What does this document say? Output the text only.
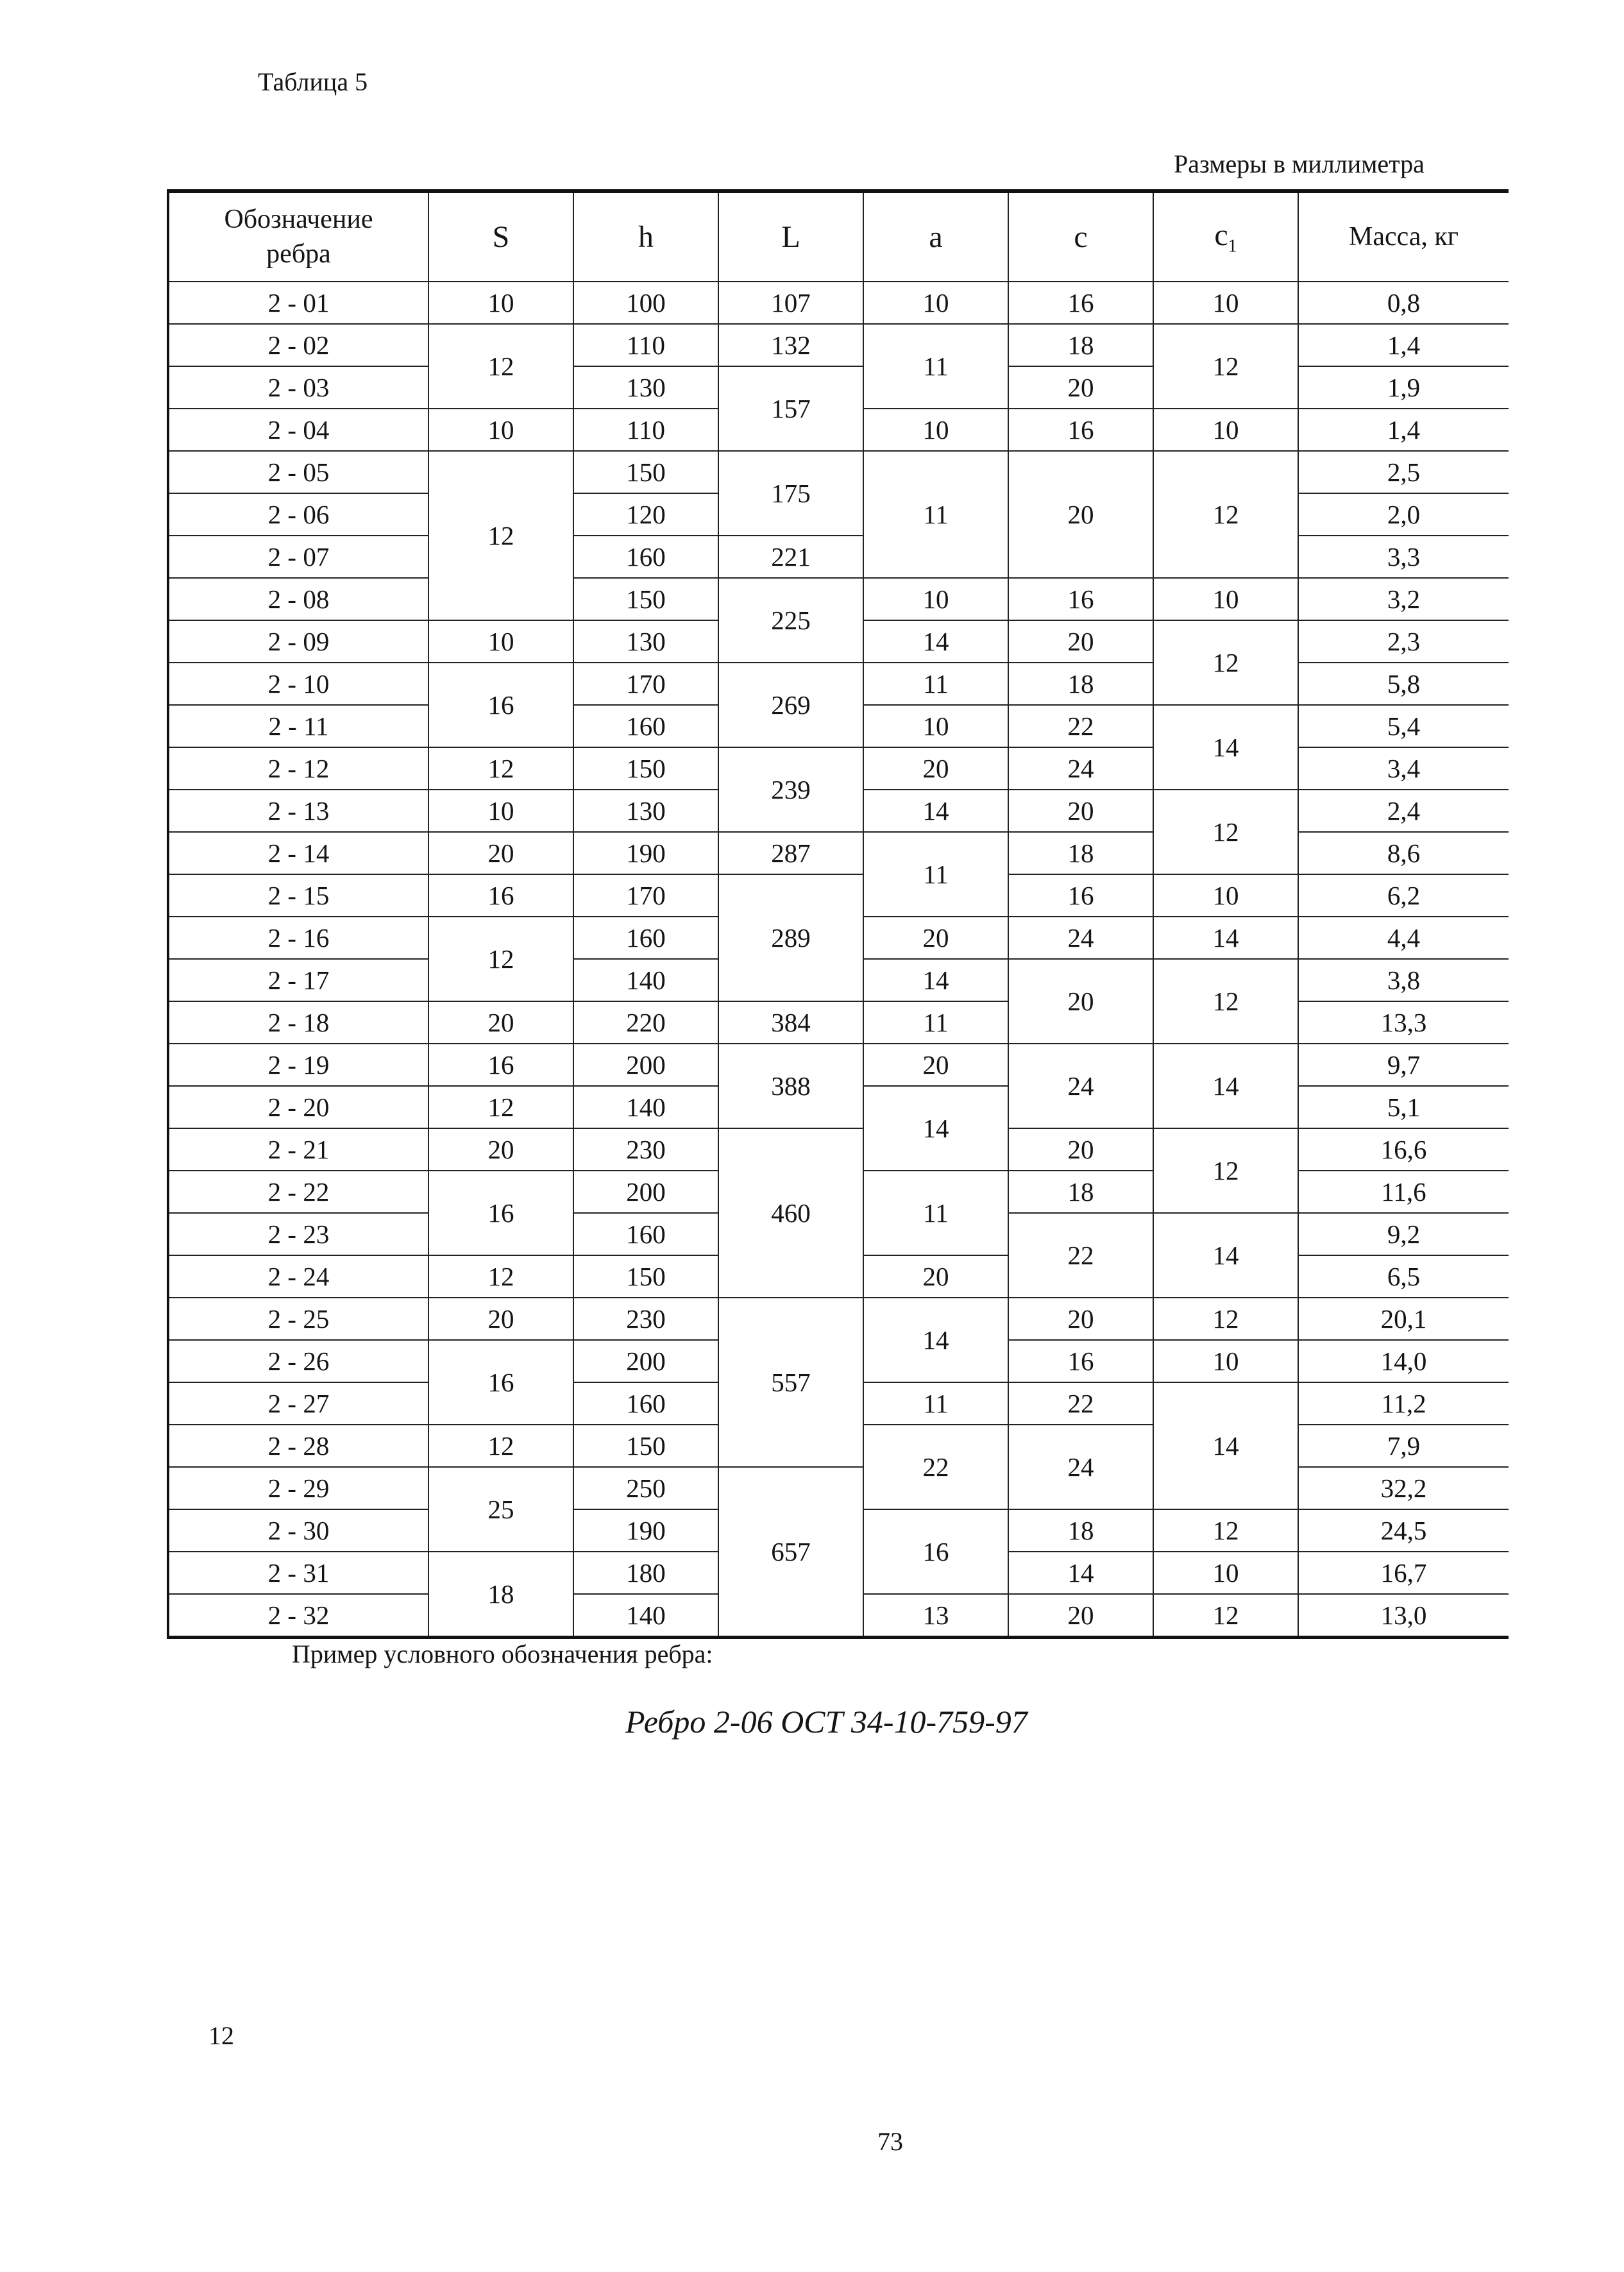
Таблица 5
Размеры в миллиметра
Обозначение
ребра	S	h	L	a	c	$c_1$	Масса, кг
2 - 01	10	100	107	10	16	10	0,8
2 - 02	12	110	132	11	18	12	1,4
2 - 03		130	157		20		1,9
2 - 04	10	110		10	16	10	1,4
2 - 05	12	150	175	11	20	12	2,5
2 - 06		120					2,0
2 - 07		160	221				3,3
2 - 08		150	225	10	16	10	3,2
2 - 09	10	130		14	20	12	2,3
2 - 10	16	170	269	11	18		5,8
2 - 11		160		10	22	14	5,4
2 - 12	12	150	239	20	24		3,4
2 - 13	10	130		14	20	12	2,4
2 - 14	20	190	287	11	18		8,6
2 - 15	16	170	289		16	10	6,2
2 - 16	12	160		20	24	14	4,4
2 - 17		140		14	20	12	3,8
2 - 18	20	220	384	11			13,3
2 - 19	16	200	388	20	24	14	9,7
2 - 20	12	140		14			5,1
2 - 21	20	230	460		20	12	16,6
2 - 22	16	200		11	18		11,6
2 - 23		160			22	14	9,2
2 - 24	12	150		20			6,5
2 - 25	20	230	557	14	20	12	20,1
2 - 26	16	200			16	10	14,0
2 - 27		160		11	22	14	11,2
2 - 28	12	150		22	24		7,9
2 - 29	25	250	657				32,2
2 - 30		190		16	18	12	24,5
2 - 31	18	180			14	10	16,7
2 - 32		140		13	20	12	13,0
Пример условного обозначения ребра:
Ребро 2-06 ОСТ 34-10-759-97
12
73
